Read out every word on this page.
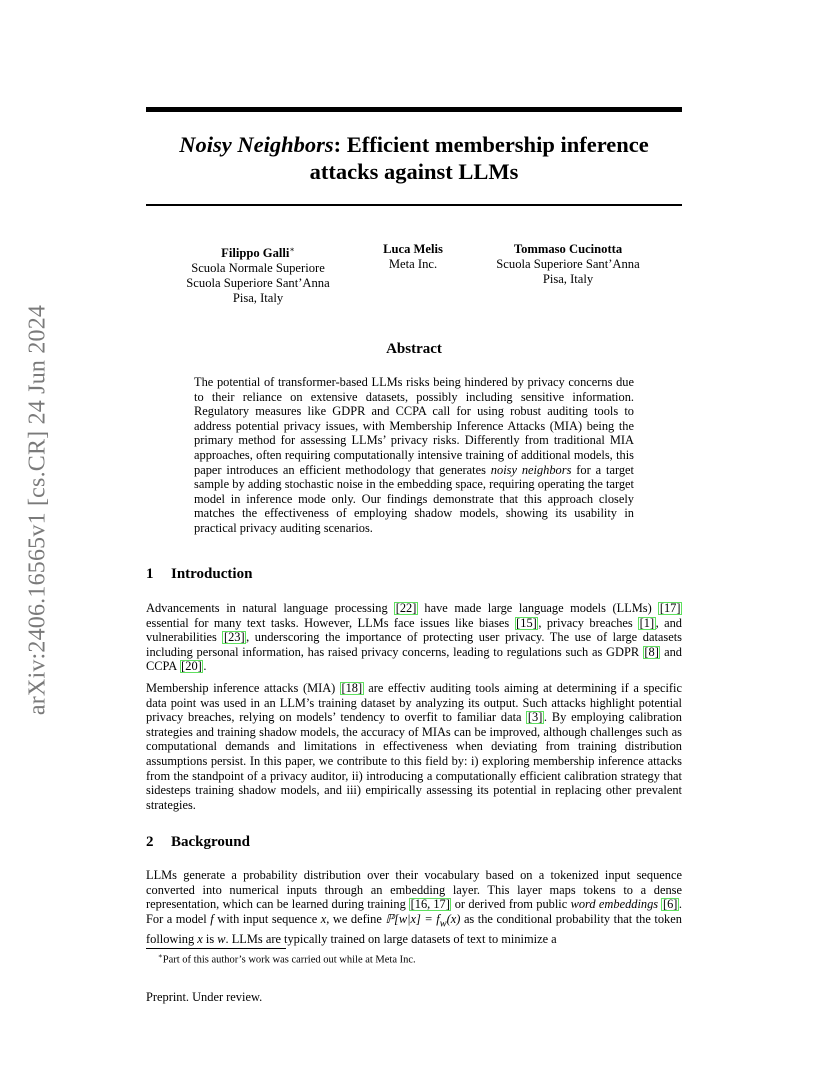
arXiv:2406.16565v1 [cs.CR] 24 Jun 2024
Noisy Neighbors: Efficient membership inference
attacks against LLMs
Filippo Galli∗
Scuola Normale Superiore
Scuola Superiore Sant’Anna
Pisa, Italy
Luca Melis
Meta Inc.
Tommaso Cucinotta
Scuola Superiore Sant’Anna
Pisa, Italy
Abstract
The potential of transformer-based LLMs risks being hindered by privacy concerns due to their reliance on extensive datasets, possibly including sensitive information. Regulatory measures like GDPR and CCPA call for using robust auditing tools to address potential privacy issues, with Membership Inference Attacks (MIA) being the primary method for assessing LLMs’ privacy risks. Differently from traditional MIA approaches, often requiring computationally intensive training of additional models, this paper introduces an efficient methodology that generates noisy neighbors for a target sample by adding stochastic noise in the embedding space, requiring operating the target model in inference mode only. Our findings demonstrate that this approach closely matches the effectiveness of employing shadow models, showing its usability in practical privacy auditing scenarios.
1 Introduction
Advancements in natural language processing [22] have made large language models (LLMs) [17] essential for many text tasks. However, LLMs face issues like biases [15] , privacy breaches [1] , and vulnerabilities [23] , underscoring the importance of protecting user privacy. The use of large datasets including personal information, has raised privacy concerns, leading to regulations such as GDPR [8] and CCPA [20] .
Membership inference attacks (MIA) [18] are effectiv auditing tools aiming at determining if a specific data point was used in an LLM’s training dataset by analyzing its output. Such attacks highlight potential privacy breaches, relying on models’ tendency to overfit to familiar data [3] . By employing calibration strategies and training shadow models, the accuracy of MIAs can be improved, although challenges such as computational demands and limitations in effectiveness when deviating from training distribution assumptions persist. In this paper, we contribute to this field by: i) exploring membership inference attacks from the standpoint of a privacy auditor, ii) introducing a computationally efficient calibration strategy that sidesteps training shadow models, and iii) empirically assessing its potential in replacing other prevalent strategies.
2 Background
LLMs generate a probability distribution over their vocabulary based on a tokenized input sequence converted into numerical inputs through an embedding layer. This layer maps tokens to a dense representation, which can be learned during training [16, 17] or derived from public word embeddings [6] . For a model f with input sequence x, we define ℙ[w|x] = $f_w(x)$ as the conditional probability that the token following x is w. LLMs are typically trained on large datasets of text to minimize a
∗Part of this author’s work was carried out while at Meta Inc.
Preprint. Under review.
